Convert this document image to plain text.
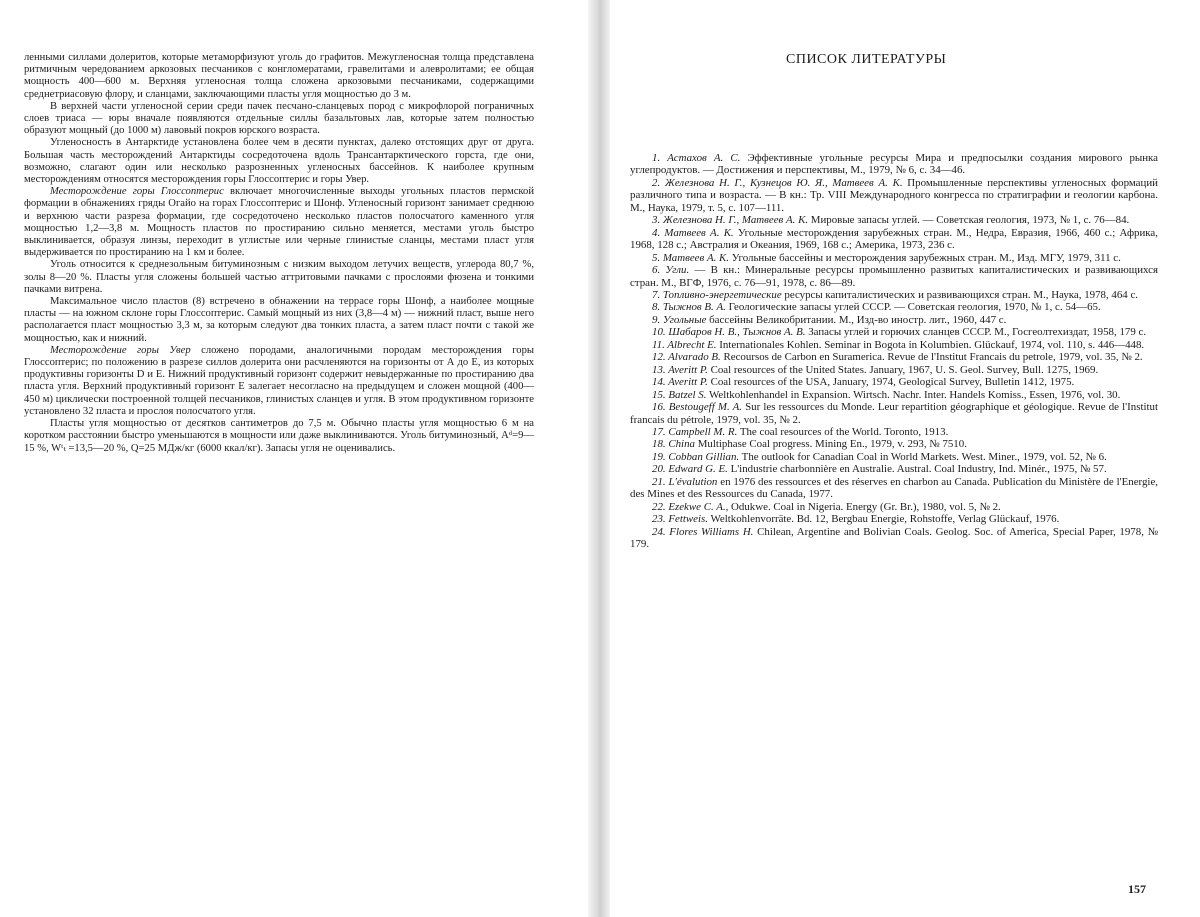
ленными силлами долеритов, которые метаморфизуют уголь до графитов. Межугленосная толща представлена ритмичным чередованием аркозовых песчаников с конгломератами, гравелитами и алевролитами; ее общая мощность 400—600 м. Верхняя угленосная толща сложена аркозовыми песчаниками, содержащими среднетриасовую флору, и сланцами, заключающими пласты угля мощностью до 3 м.

В верхней части угленосной серии среди пачек песчано-сланцевых пород с микрофлорой пограничных слоев триаса — юры вначале появляются отдельные силлы базальтовых лав, которые затем полностью образуют мощный (до 1000 м) лавовый покров юрского возраста.

Угленосность в Антарктиде установлена более чем в десяти пунктах, далеко отстоящих друг от друга. Большая часть месторождений Антарктиды сосредоточена вдоль Трансантарктического горста, где они, возможно, слагают один или несколько разрозненных угленосных бассейнов. К наиболее крупным месторождениям относятся месторождения горы Глоссоптерис и горы Увер.

Месторождение горы Глоссоптерис включает многочисленные выходы угольных пластов пермской формации в обнажениях гряды Огайо на горах Глоссоптерис и Шонф. Угленосный горизонт занимает среднюю и верхнюю части разреза формации, где сосредоточено несколько пластов полосчатого каменного угля мощностью 1,2—3,8 м. Мощность пластов по простиранию сильно меняется, местами уголь быстро выклинивается, образуя линзы, переходит в углистые или черные глинистые сланцы, местами пласт угля выдерживается по простиранию на 1 км и более.

Уголь относится к среднезольным битуминозным с низким выходом летучих веществ, углерода 80,7 %, золы 8—20 %. Пласты угля сложены большей частью аттритовыми пачками с прослоями фюзена и тонкими пачками витрена.

Максимальное число пластов (8) встречено в обнажении на террасе горы Шонф, а наиболее мощные пласты — на южном склоне горы Глоссоптерис. Самый мощный из них (3,8—4 м) — нижний пласт, выше него располагается пласт мощностью 3,3 м, за которым следуют два тонких пласта, а затем пласт почти с такой же мощностью, как и нижний.

Месторождение горы Увер сложено породами, аналогичными породам месторождения горы Глоссоптерис; по положению в разрезе силлов долерита они расчленяются на горизонты от А до Е, из которых продуктивны горизонты D и E. Нижний продуктивный горизонт содержит невыдержанные по простиранию два пласта угля. Верхний продуктивный горизонт E залегает несогласно на предыдущем и сложен мощной (400—450 м) циклически построенной толщей песчаников, глинистых сланцев и угля. В этом продуктивном горизонте установлено 32 пласта и прослоя полосчатого угля.

Пласты угля мощностью от десятков сантиметров до 7,5 м. Обычно пласты угля мощностью 6 м на коротком расстоянии быстро уменьшаются в мощности или даже выклиниваются. Уголь битуминозный, Aᵈ=9—15 %, Wᵗₜ =13,5—20 %, Q=25 МДж/кг (6000 ккал/кг). Запасы угля не оценивались.

СПИСОК ЛИТЕРАТУРЫ

1. Астахов А. С. Эффективные угольные ресурсы Мира и предпосылки создания мирового рынка углепродуктов. — Достижения и перспективы, М., 1979, № 6, с. 34—46.

2. Железнова Н. Г., Кузнецов Ю. Я., Матвеев А. К. Промышленные перспективы угленосных формаций различного типа и возраста. — В кн.: Тр. VIII Международного конгресса по стратиграфии и геологии карбона. М., Наука, 1979, т. 5, с. 107—111.

3. Железнова Н. Г., Матвеев А. К. Мировые запасы углей. — Советская геология, 1973, № 1, с. 76—84.

4. Матвеев А. К. Угольные месторождения зарубежных стран. М., Недра, Евразия, 1966, 460 с.; Африка, 1968, 128 с.; Австралия и Океания, 1969, 168 с.; Америка, 1973, 236 с.

5. Матвеев А. К. Угольные бассейны и месторождения зарубежных стран. М., Изд. МГУ, 1979, 311 с.

6. Угли. — В кн.: Минеральные ресурсы промышленно развитых капиталистических и развивающихся стран. М., ВГФ, 1976, с. 76—91, 1978, с. 86—89.

7. Топливно-энергетические ресурсы капиталистических и развивающихся стран. М., Наука, 1978, 464 с.

8. Тыжнов В. А. Геологические запасы углей СССР. — Советская геология, 1970, № 1, с. 54—65.

9. Угольные бассейны Великобритании. М., Изд-во иностр. лит., 1960, 447 с.

10. Шабаров Н. В., Тыжнов А. В. Запасы углей и горючих сланцев СССР. М., Госгеолтехиздат, 1958, 179 с.

11. Albrecht E. Internationales Kohlen. Seminar in Bogota in Kolumbien. Glückauf, 1974, vol. 110, s. 446—448.

12. Alvarado B. Recoursos de Carbon en Suramerica. Revue de l'Institut Francais du petrole, 1979, vol. 35, № 2.

13. Averitt P. Coal resources of the United States. January, 1967, U. S. Geol. Survey, Bull. 1275, 1969.

14. Averitt P. Coal resources of the USA, January, 1974, Geological Survey, Bulletin 1412, 1975.

15. Batzel S. Weltkohlenhandel in Expansion. Wirtsch. Nachr. Inter. Handels Komiss., Essen, 1976, vol. 30.

16. Bestougeff M. A. Sur les ressources du Monde. Leur repartition géographique et géologique. Revue de l'Institut francais du pétrole, 1979, vol. 35, № 2.

17. Campbell M. R. The coal resources of the World. Toronto, 1913.

18. China Multiphase Coal progress. Mining En., 1979, v. 293, № 7510.

19. Cobban Gillian. The outlook for Canadian Coal in World Markets. West. Miner., 1979, vol. 52, № 6.

20. Edward G. E. L'industrie charbonnière en Australie. Austral. Coal Industry, Ind. Minér., 1975, № 57.

21. L'évalution en 1976 des ressources et des réserves en charbon au Canada. Publication du Ministère de l'Energie, des Mines et des Ressources du Canada, 1977.

22. Ezekwe C. A., Odukwe. Coal in Nigeria. Energy (Gr. Br.), 1980, vol. 5, № 2.

23. Fettweis. Weltkohlenvorräte. Bd. 12, Bergbau Energie, Rohstoffe, Verlag Glückauf, 1976.

24. Flores Williams H. Chilean, Argentine and Bolivian Coals. Geolog. Soc. of America, Special Paper, 1978, № 179.

157
